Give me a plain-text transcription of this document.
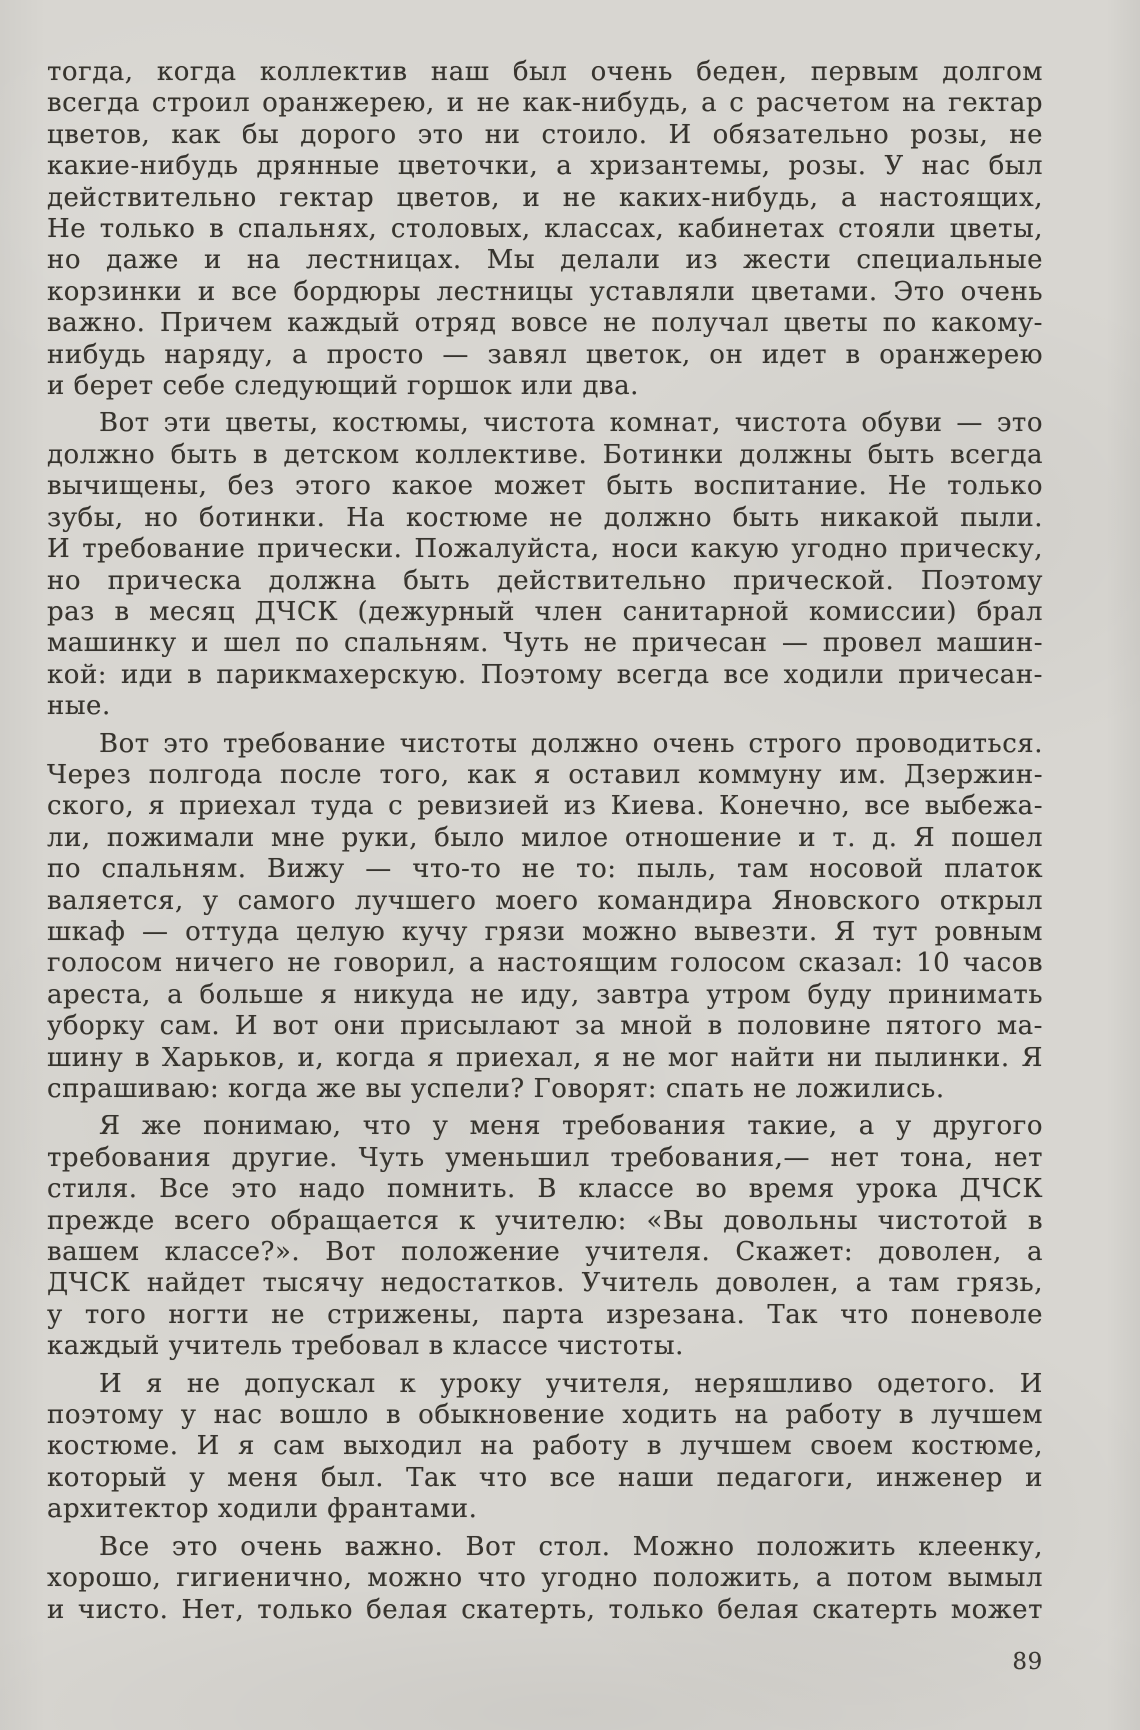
тогда, когда коллектив наш был очень беден, первым долгом
всегда строил оранжерею, и не как-нибудь, а с расчетом на гектар
цветов, как бы дорого это ни стоило. И обязательно розы, не
какие-нибудь дрянные цветочки, а хризантемы, розы. У нас был
действительно гектар цветов, и не каких-нибудь, а настоящих,
Не только в спальнях, столовых, классах, кабинетах стояли цветы,
но даже и на лестницах. Мы делали из жести специальные
корзинки и все бордюры лестницы уставляли цветами. Это очень
важно. Причем каждый отряд вовсе не получал цветы по какому-
нибудь наряду, а просто — завял цветок, он идет в оранжерею
и берет себе следующий горшок или два.
Вот эти цветы, костюмы, чистота комнат, чистота обуви — это
должно быть в детском коллективе. Ботинки должны быть всегда
вычищены, без этого какое может быть воспитание. Не только
зубы, но ботинки. На костюме не должно быть никакой пыли.
И требование прически. Пожалуйста, носи какую угодно прическу,
но прическа должна быть действительно прической. Поэтому
раз в месяц ДЧСК (дежурный член санитарной комиссии) брал
машинку и шел по спальням. Чуть не причесан — провел машин-
кой: иди в парикмахерскую. Поэтому всегда все ходили причесан-
ные.
Вот это требование чистоты должно очень строго проводиться.
Через полгода после того, как я оставил коммуну им. Дзержин-
ского, я приехал туда с ревизией из Киева. Конечно, все выбежа-
ли, пожимали мне руки, было милое отношение и т. д. Я пошел
по спальням. Вижу — что-то не то: пыль, там носовой платок
валяется, у самого лучшего моего командира Яновского открыл
шкаф — оттуда целую кучу грязи можно вывезти. Я тут ровным
голосом ничего не говорил, а настоящим голосом сказал: 10 часов
ареста, а больше я никуда не иду, завтра утром буду принимать
уборку сам. И вот они присылают за мной в половине пятого ма-
шину в Харьков, и, когда я приехал, я не мог найти ни пылинки. Я
спрашиваю: когда же вы успели? Говорят: спать не ложились.
Я же понимаю, что у меня требования такие, а у другого
требования другие. Чуть уменьшил требования,— нет тона, нет
стиля. Все это надо помнить. В классе во время урока ДЧСК
прежде всего обращается к учителю: «Вы довольны чистотой в
вашем классе?». Вот положение учителя. Скажет: доволен, а
ДЧСК найдет тысячу недостатков. Учитель доволен, а там грязь,
у того ногти не стрижены, парта изрезана. Так что поневоле
каждый учитель требовал в классе чистоты.
И я не допускал к уроку учителя, неряшливо одетого. И
поэтому у нас вошло в обыкновение ходить на работу в лучшем
костюме. И я сам выходил на работу в лучшем своем костюме,
который у меня был. Так что все наши педагоги, инженер и
архитектор ходили франтами.
Все это очень важно. Вот стол. Можно положить клеенку,
хорошо, гигиенично, можно что угодно положить, а потом вымыл
и чисто. Нет, только белая скатерть, только белая скатерть может
89
